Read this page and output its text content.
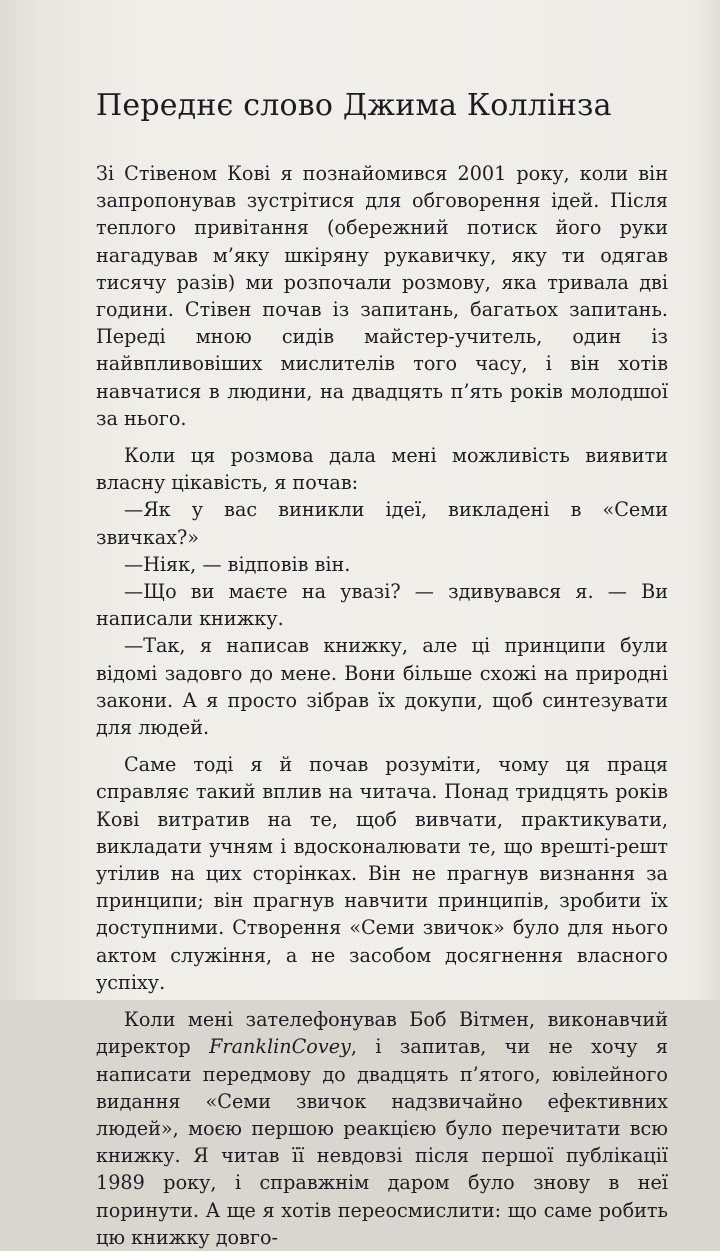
Переднє слово Джима Коллінза

Зі Стівеном Кові я познайомився 2001 року, коли він запропонував зустрітися для обговорення ідей. Після теплого привітання (обережний потиск його руки нагадував м’яку шкіряну рукавичку, яку ти одягав тисячу разів) ми розпочали розмову, яка тривала дві години. Стівен почав із запитань, багатьох запитань. Переді мною сидів майстер-учитель, один із найвпливовіших мислителів того часу, і він хотів навчатися в людини, на двадцять п’ять років молодшої за нього.

Коли ця розмова дала мені можливість виявити власну цікавість, я почав:

—Як у вас виникли ідеї, викладені в «Семи звичках?»

—Ніяк, — відповів він.

—Що ви маєте на увазі? — здивувався я. — Ви написали книжку.

—Так, я написав книжку, але ці принципи були відомі задовго до мене. Вони більше схожі на природні закони. А я просто зібрав їх докупи, щоб синтезувати для людей.

Саме тоді я й почав розуміти, чому ця праця справляє такий вплив на читача. Понад тридцять років Кові витратив на те, щоб вивчати, практикувати, викладати учням і вдосконалювати те, що врешті-решт утілив на цих сторінках. Він не прагнув визнання за принципи; він прагнув навчити принципів, зробити їх доступними. Створення «Семи звичок» було для нього актом служіння, а не засобом досягнення власного успіху.

Коли мені зателефонував Боб Вітмен, виконавчий директор FranklinCovey, і запитав, чи не хочу я написати передмову до двадцять п’ятого, ювілейного видання «Семи звичок надзвичайно ефективних людей», моєю першою реакцією було перечитати всю книжку. Я читав її невдовзі після першої публікації 1989 року, і справжнім даром було знову в неї поринути. А ще я хотів переосмислити: що саме робить цю книжку довго-
